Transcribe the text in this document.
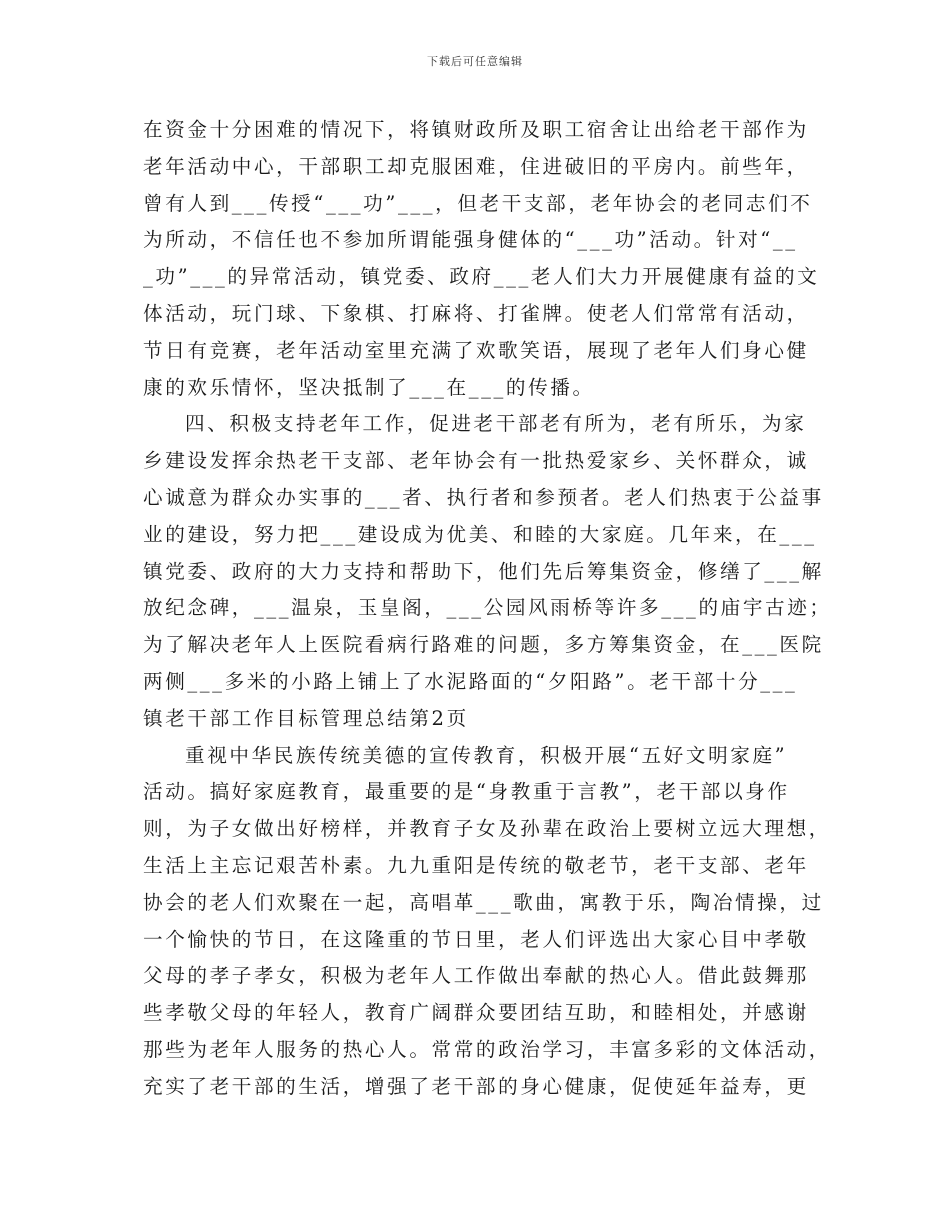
下载后可任意编辑
在资金十分困难的情况下，将镇财政所及职工宿舍让出给老干部作为
老年活动中心，干部职工却克服困难，住进破旧的平房内。前些年，
曾有人到___传授“___功”___，但老干支部，老年协会的老同志们不
为所动，不信任也不参加所谓能强身健体的“___功”活动。针对“__
_功”___的异常活动，镇党委、政府___老人们大力开展健康有益的文
体活动，玩门球、下象棋、打麻将、打雀牌。使老人们常常有活动，
节日有竞赛，老年活动室里充满了欢歌笑语，展现了老年人们身心健
康的欢乐情怀，坚决抵制了___在___的传播。
四、积极支持老年工作，促进老干部老有所为，老有所乐，为家
乡建设发挥余热老干支部、老年协会有一批热爱家乡、关怀群众，诚
心诚意为群众办实事的___者、执行者和参预者。老人们热衷于公益事
业的建设，努力把___建设成为优美、和睦的大家庭。几年来，在___
镇党委、政府的大力支持和帮助下，他们先后筹集资金，修缮了___解
放纪念碑，___温泉，玉皇阁，___公园风雨桥等许多___的庙宇古迹；
为了解决老年人上医院看病行路难的问题，多方筹集资金，在___医院
两侧___多米的小路上铺上了水泥路面的“夕阳路”。老干部十分___
镇老干部工作目标管理总结第2页
重视中华民族传统美德的宣传教育，积极开展“五好文明家庭”
活动。搞好家庭教育，最重要的是“身教重于言教”，老干部以身作
则，为子女做出好榜样，并教育子女及孙辈在政治上要树立远大理想，
生活上主忘记艰苦朴素。九九重阳是传统的敬老节，老干支部、老年
协会的老人们欢聚在一起，高唱革___歌曲，寓教于乐，陶冶情操，过
一个愉快的节日，在这隆重的节日里，老人们评选出大家心目中孝敬
父母的孝子孝女，积极为老年人工作做出奉献的热心人。借此鼓舞那
些孝敬父母的年轻人，教育广阔群众要团结互助，和睦相处，并感谢
那些为老年人服务的热心人。常常的政治学习，丰富多彩的文体活动，
充实了老干部的生活，增强了老干部的身心健康，促使延年益寿，更
